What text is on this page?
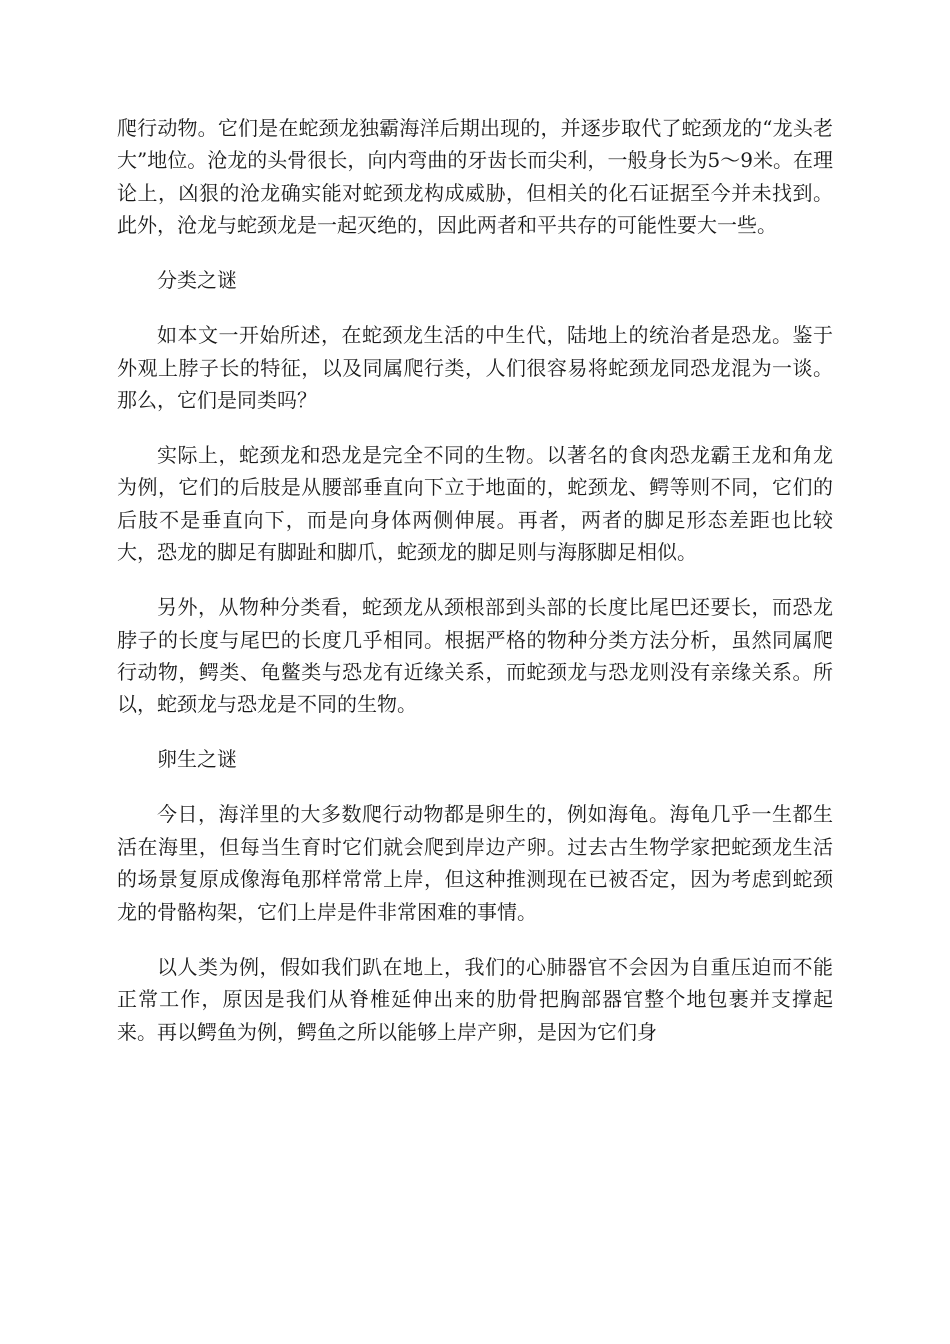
爬行动物。它们是在蛇颈龙独霸海洋后期出现的，并逐步取代了蛇颈龙的“龙头老大”地位。沧龙的头骨很长，向内弯曲的牙齿长而尖利，一般身长为5～9米。在理论上，凶狠的沧龙确实能对蛇颈龙构成威胁，但相关的化石证据至今并未找到。此外，沧龙与蛇颈龙是一起灭绝的，因此两者和平共存的可能性要大一些。

分类之谜

如本文一开始所述，在蛇颈龙生活的中生代，陆地上的统治者是恐龙。鉴于外观上脖子长的特征，以及同属爬行类，人们很容易将蛇颈龙同恐龙混为一谈。那么，它们是同类吗？

实际上，蛇颈龙和恐龙是完全不同的生物。以著名的食肉恐龙霸王龙和角龙为例，它们的后肢是从腰部垂直向下立于地面的，蛇颈龙、鳄等则不同，它们的后肢不是垂直向下，而是向身体两侧伸展。再者，两者的脚足形态差距也比较大，恐龙的脚足有脚趾和脚爪，蛇颈龙的脚足则与海豚脚足相似。

另外，从物种分类看，蛇颈龙从颈根部到头部的长度比尾巴还要长，而恐龙脖子的长度与尾巴的长度几乎相同。根据严格的物种分类方法分析，虽然同属爬行动物，鳄类、龟鳖类与恐龙有近缘关系，而蛇颈龙与恐龙则没有亲缘关系。所以，蛇颈龙与恐龙是不同的生物。

卵生之谜

今日，海洋里的大多数爬行动物都是卵生的，例如海龟。海龟几乎一生都生活在海里，但每当生育时它们就会爬到岸边产卵。过去古生物学家把蛇颈龙生活的场景复原成像海龟那样常常上岸，但这种推测现在已被否定，因为考虑到蛇颈龙的骨骼构架，它们上岸是件非常困难的事情。

以人类为例，假如我们趴在地上，我们的心肺器官不会因为自重压迫而不能正常工作，原因是我们从脊椎延伸出来的肋骨把胸部器官整个地包裹并支撑起来。再以鳄鱼为例，鳄鱼之所以能够上岸产卵，是因为它们身
